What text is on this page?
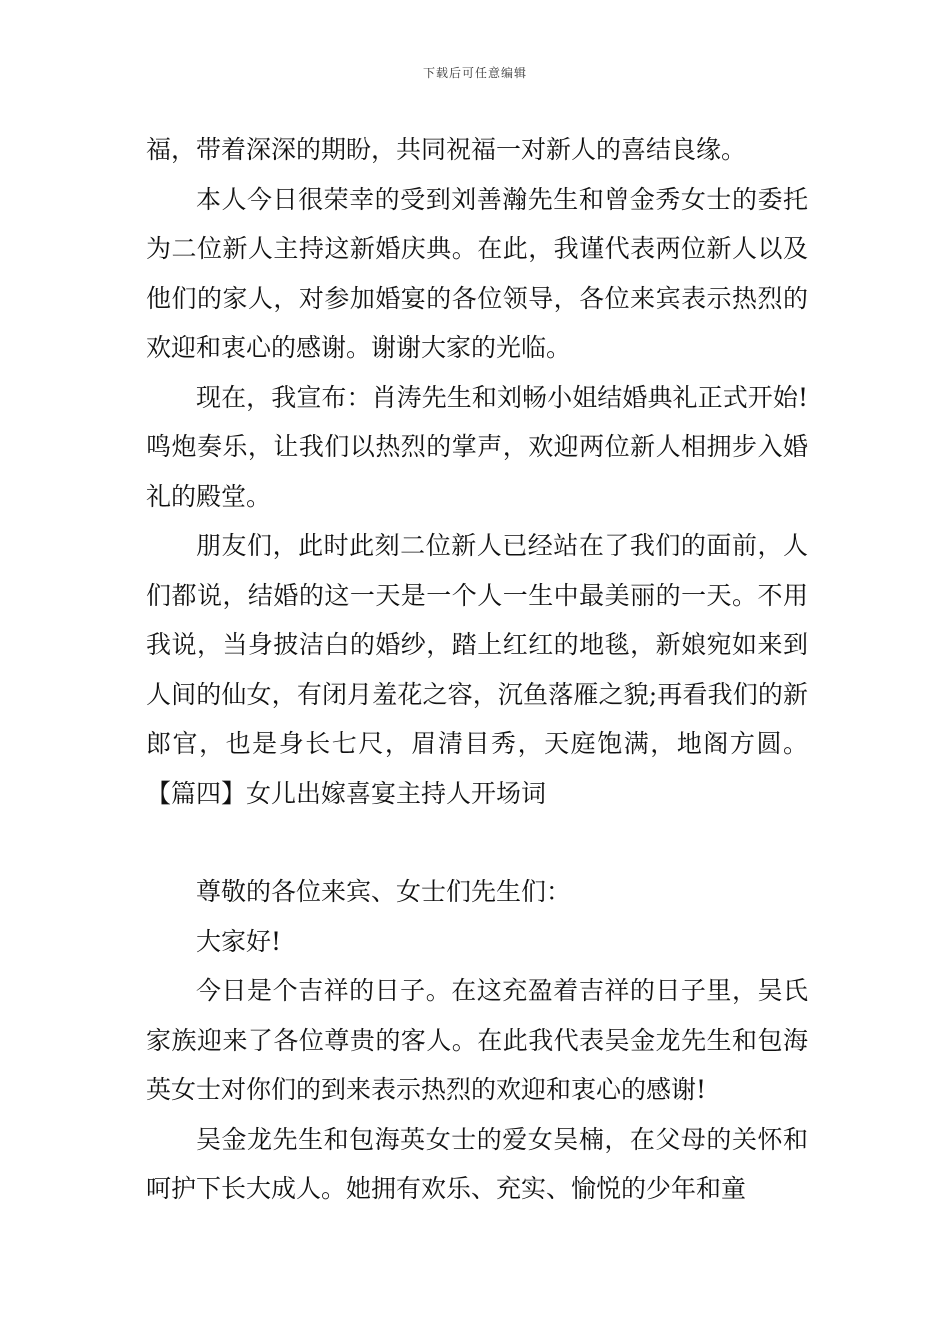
下载后可任意编辑

福，带着深深的期盼，共同祝福一对新人的喜结良缘。

本人今日很荣幸的受到刘善瀚先生和曾金秀女士的委托为二位新人主持这新婚庆典。在此，我谨代表两位新人以及他们的家人，对参加婚宴的各位领导，各位来宾表示热烈的欢迎和衷心的感谢。谢谢大家的光临。

现在，我宣布：肖涛先生和刘畅小姐结婚典礼正式开始!鸣炮奏乐，让我们以热烈的掌声，欢迎两位新人相拥步入婚礼的殿堂。

朋友们，此时此刻二位新人已经站在了我们的面前，人们都说，结婚的这一天是一个人一生中最美丽的一天。不用我说，当身披洁白的婚纱，踏上红红的地毯，新娘宛如来到人间的仙女，有闭月羞花之容，沉鱼落雁之貌;再看我们的新郎官，也是身长七尺，眉清目秀，天庭饱满，地阁方圆。【篇四】女儿出嫁喜宴主持人开场词

尊敬的各位来宾、女士们先生们：

大家好!

今日是个吉祥的日子。在这充盈着吉祥的日子里，吴氏家族迎来了各位尊贵的客人。在此我代表吴金龙先生和包海英女士对你们的到来表示热烈的欢迎和衷心的感谢!

吴金龙先生和包海英女士的爱女吴楠，在父母的关怀和呵护下长大成人。她拥有欢乐、充实、愉悦的少年和童
